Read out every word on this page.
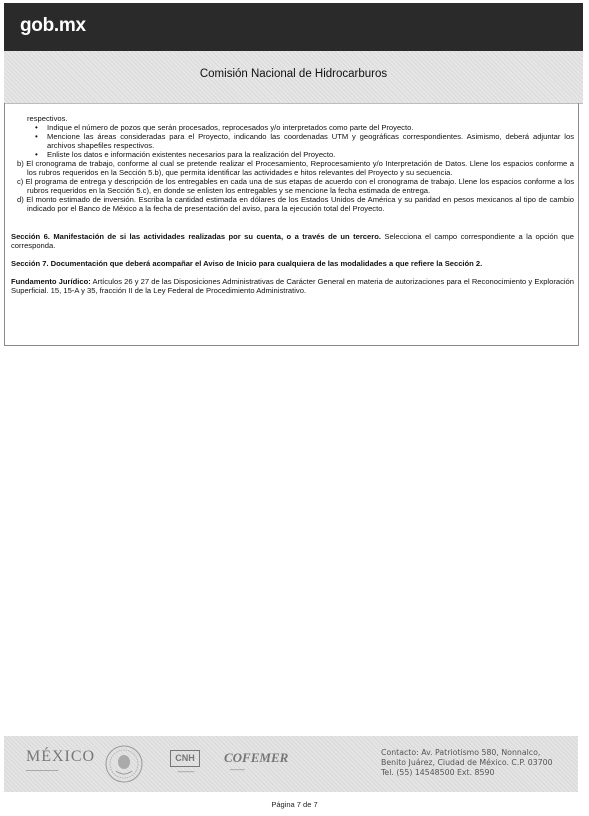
gob.mx
Comisión Nacional de Hidrocarburos

respectivos.

• Indique el número de pozos que serán procesados, reprocesados y/o interpretados como parte del Proyecto.
• Mencione las áreas consideradas para el Proyecto, indicando las coordenadas UTM y geográficas correspondientes. Asimismo, deberá adjuntar los archivos shapefiles respectivos.
• Enliste los datos e información existentes necesarios para la realización del Proyecto.

b) El cronograma de trabajo, conforme al cual se pretende realizar el Procesamiento, Reprocesamiento y/o Interpretación de Datos. Llene los espacios conforme a los rubros requeridos en la Sección 5.b), que permita identificar las actividades e hitos relevantes del Proyecto y su secuencia.

c) El programa de entrega y descripción de los entregables en cada una de sus etapas de acuerdo con el cronograma de trabajo. Llene los espacios conforme a los rubros requeridos en la Sección 5.c), en donde se enlisten los entregables y se mencione la fecha estimada de entrega.

d) El monto estimado de inversión. Escriba la cantidad estimada en dólares de los Estados Unidos de América y su paridad en pesos mexicanos al tipo de cambio indicado por el Banco de México a la fecha de presentación del aviso, para la ejecución total del Proyecto.

Sección 6. Manifestación de si las actividades realizadas por su cuenta, o a través de un tercero. Selecciona el campo correspondiente a la opción que corresponda.

Sección 7. Documentación que deberá acompañar el Aviso de Inicio para cualquiera de las modalidades a que refiere la Sección 2.

Fundamento Jurídico: Artículos 26 y 27 de las Disposiciones Administrativas de Carácter General en materia de autorizaciones para el Reconocimiento y Exploración Superficial. 15, 15-A y 35, fracción II de la Ley Federal de Procedimiento Administrativo.

MÉXICO
━━━━━━━━━━━━
CNH
━━━━━━━━
COFEMER
━━━━━━━
Contacto: Av. Patriotismo 580, Nonnalco,
Benito Juárez, Ciudad de México. C.P. 03700
Tel. (55) 14548500 Ext. 8590
Página 7 de 7
